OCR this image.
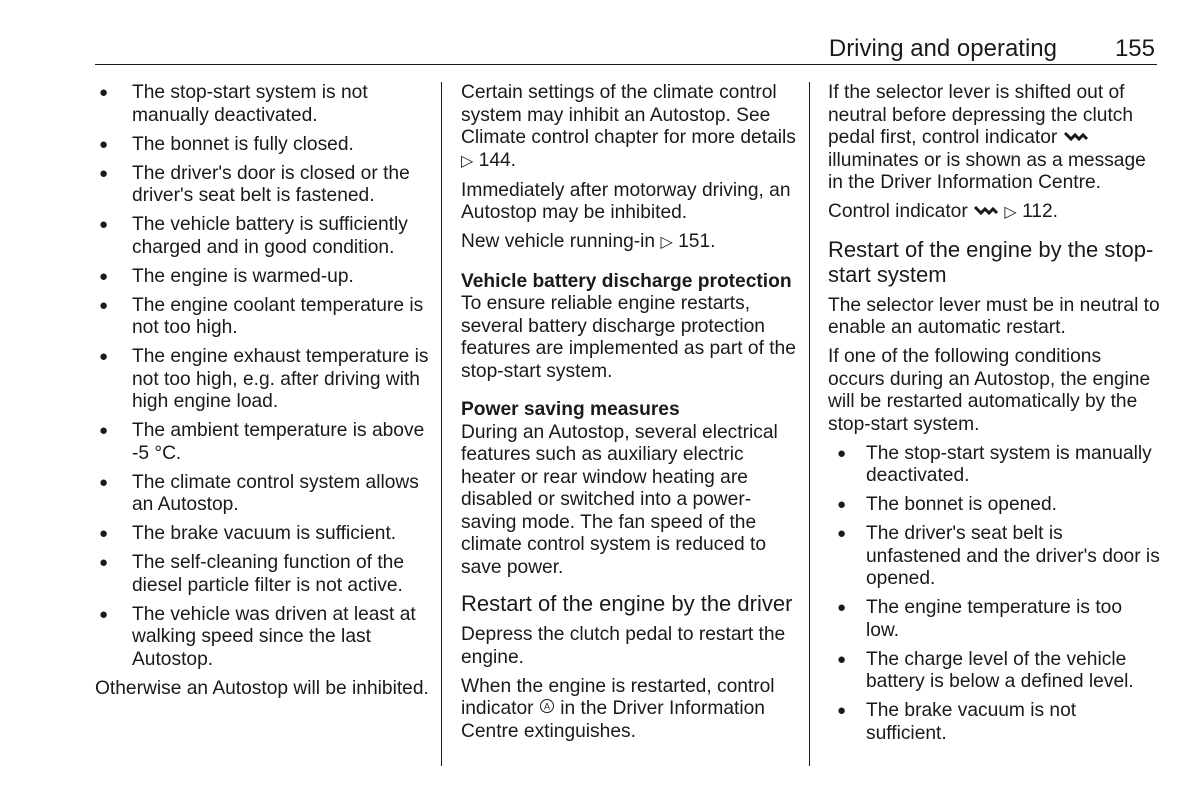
Driving and operating 155
● The stop-start system is not manually deactivated.
● The bonnet is fully closed.
● The driver's door is closed or the driver's seat belt is fastened.
● The vehicle battery is sufficiently charged and in good condition.
● The engine is warmed-up.
● The engine coolant temperature is not too high.
● The engine exhaust temperature is not too high, e.g. after driving with high engine load.
● The ambient temperature is above -5 °C.
● The climate control system allows an Autostop.
● The brake vacuum is sufficient.
● The self-cleaning function of the diesel particle filter is not active.
● The vehicle was driven at least at walking speed since the last Autostop.

Otherwise an Autostop will be inhibited.

Certain settings of the climate control system may inhibit an Autostop. See Climate control chapter for more details ▷ 144.

Immediately after motorway driving, an Autostop may be inhibited.

New vehicle running-in ▷ 151.

Vehicle battery discharge protection

To ensure reliable engine restarts, several battery discharge protection features are implemented as part of the stop-start system.

Power saving measures

During an Autostop, several electrical features such as auxiliary electric heater or rear window heating are disabled or switched into a power-saving mode. The fan speed of the climate control system is reduced to save power.

Restart of the engine by the driver

Depress the clutch pedal to restart the engine.

When the engine is restarted, control indicator A in the Driver Information Centre extinguishes.

If the selector lever is shifted out of neutral before depressing the clutch pedal first, control indicator  illuminates or is shown as a message in the Driver Information Centre.

Control indicator ▷ 112.

Restart of the engine by the stop-start system

The selector lever must be in neutral to enable an automatic restart.

If one of the following conditions occurs during an Autostop, the engine will be restarted automatically by the stop-start system.

● The stop-start system is manually deactivated.
● The bonnet is opened.
● The driver's seat belt is unfastened and the driver's door is opened.
● The engine temperature is too low.
● The charge level of the vehicle battery is below a defined level.
● The brake vacuum is not sufficient.
